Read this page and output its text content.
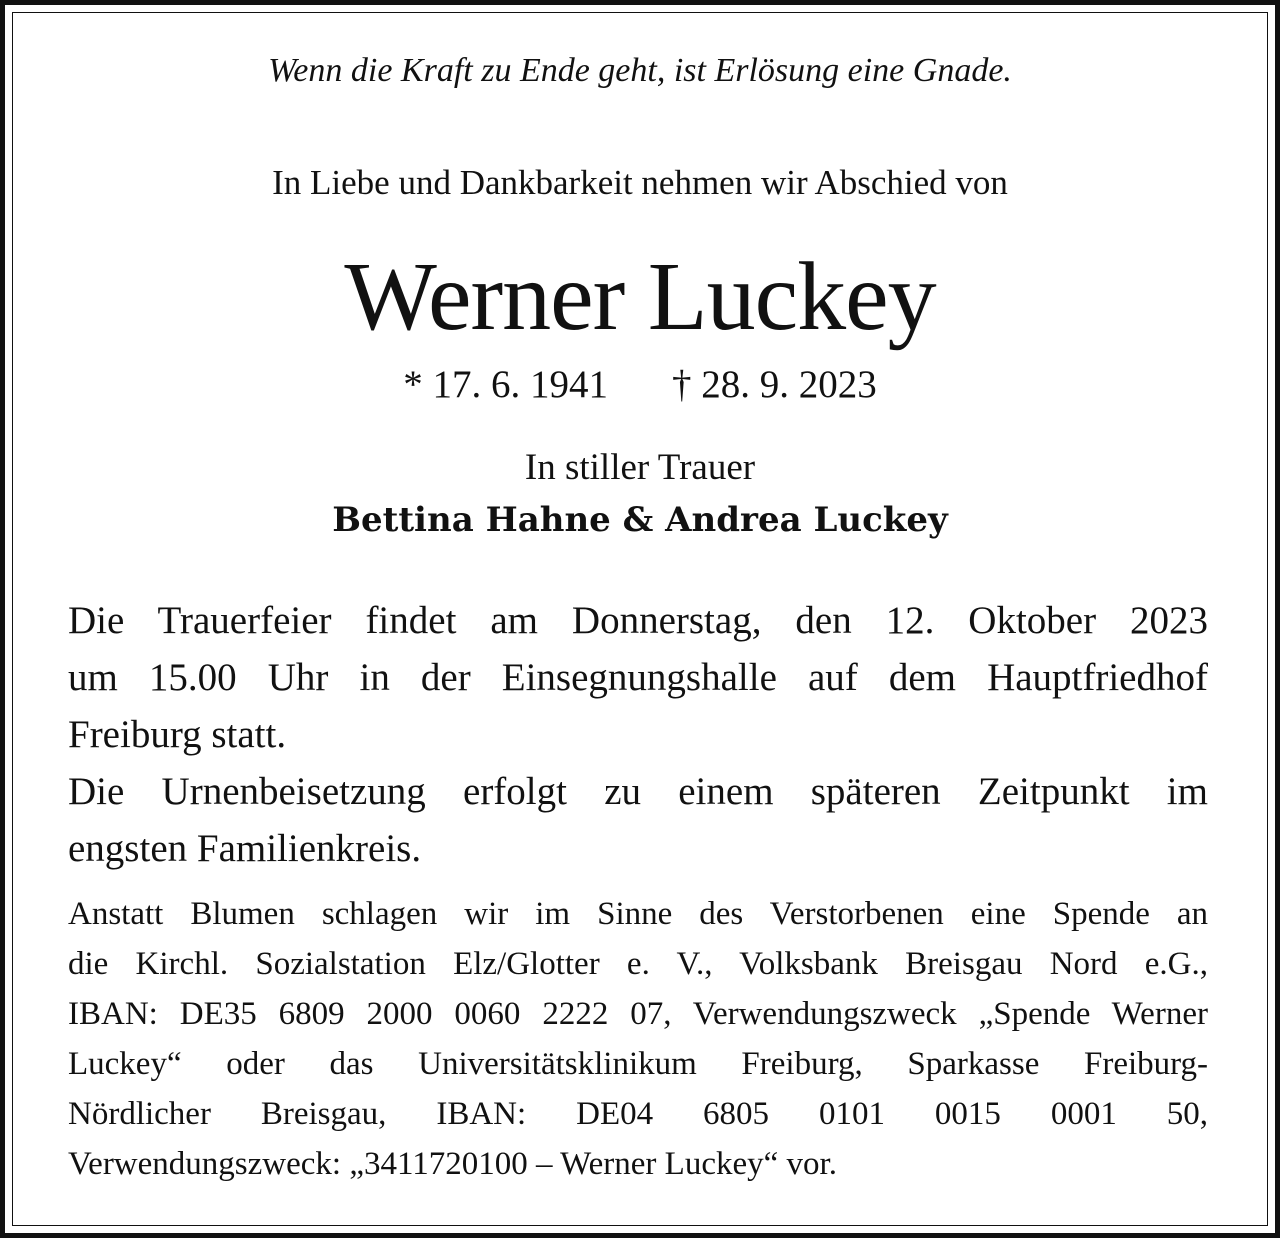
Wenn die Kraft zu Ende geht, ist Erlösung eine Gnade.

In Liebe und Dankbarkeit nehmen wir Abschied von

Werner Luckey

* 17. 6. 1941 † 28. 9. 2023

In stiller Trauer

Bettina Hahne & Andrea Luckey

Die Trauerfeier findet am Donnerstag, den 12. Oktober 2023
um 15.00 Uhr in der Einsegnungshalle auf dem Hauptfriedhof
Freiburg statt.
Die Urnenbeisetzung erfolgt zu einem späteren Zeitpunkt im
engsten Familienkreis.
Anstatt Blumen schlagen wir im Sinne des Verstorbenen eine Spende an
die Kirchl. Sozialstation Elz/Glotter e. V., Volksbank Breisgau Nord e.G.,
IBAN: DE35 6809 2000 0060 2222 07, Verwendungszweck „Spende Werner
Luckey“ oder das Universitätsklinikum Freiburg, Sparkasse Freiburg-
Nördlicher Breisgau, IBAN: DE04 6805 0101 0015 0001 50,
Verwendungszweck: „3411720100 – Werner Luckey“ vor.
